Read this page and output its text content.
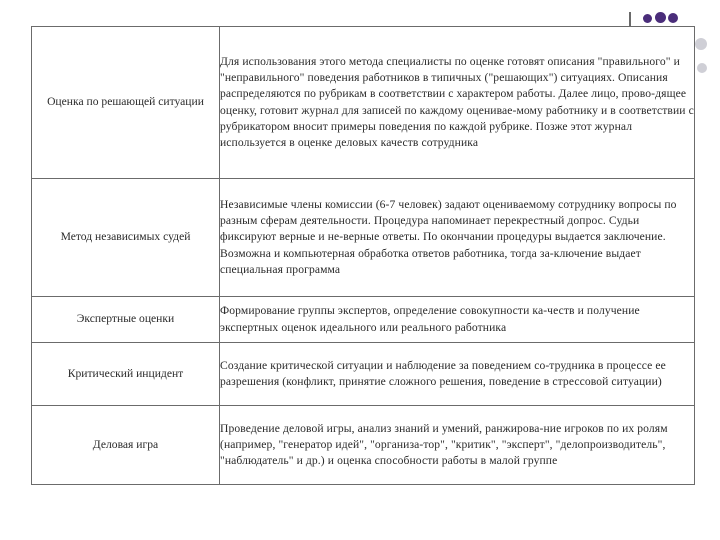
Оценка по решающей ситуации	Для использования этого метода специалисты по оценке готовят описания "правильного" и "неправильного" поведения работников в типичных ("решающих") ситуациях. Описания распределяются по рубрикам в соответствии с характером работы. Далее лицо, прово-дящее оценку, готовит журнал для записей по каждому оценивае-мому работнику и в соответствии с рубрикатором вносит примеры поведения по каждой рубрике. Позже этот журнал используется в оценке деловых качеств сотрудника
Метод независимых судей	Независимые члены комиссии (6-7 человек) задают оцениваемому сотруднику вопросы по разным сферам деятельности. Процедура напоминает перекрестный допрос. Судьи фиксируют верные и не-верные ответы. По окончании процедуры выдается заключение. Возможна и компьютерная обработка ответов работника, тогда за-ключение выдает специальная программа
Экспертные оценки	Формирование группы экспертов, определение совокупности ка-честв и получение экспертных оценок идеального или реального работника
Критический инцидент	Создание критической ситуации и наблюдение за поведением со-трудника в процессе ее разрешения (конфликт, принятие сложного решения, поведение в стрессовой ситуации)
Деловая игра	Проведение деловой игры, анализ знаний и умений, ранжирова-ние игроков по их ролям (например, "генератор идей", "организа-тор", "критик", "эксперт", "делопроизводитель", "наблюдатель" и др.) и оценка способности работы в малой группе
